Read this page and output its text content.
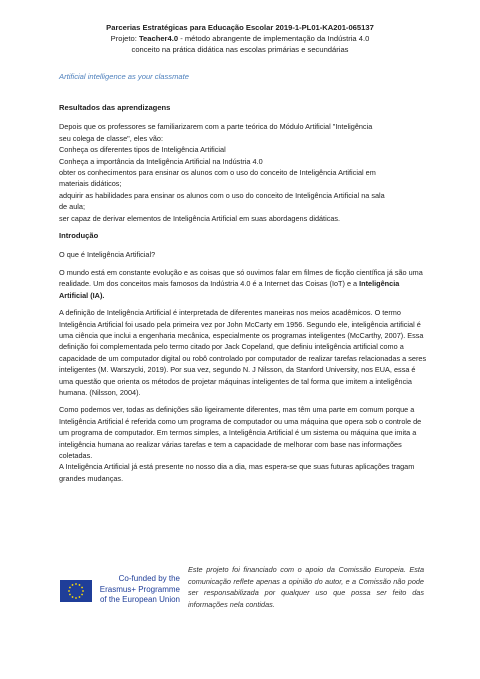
Parcerias Estratégicas para Educação Escolar 2019-1-PL01-KA201-065137
Projeto: Teacher4.0 - método abrangente de implementação da Indústria 4.0
conceito na prática didática nas escolas primárias e secundárias
Artificial intelligence as your classmate
Resultados das aprendizagens
Depois que os professores se familiarizarem com a parte teórica do Módulo Artificial "Inteligência
seu colega de classe", eles vão:
Conheça os diferentes tipos de Inteligência Artificial
Conheça a importância da Inteligência Artificial na Indústria 4.0
obter os conhecimentos para ensinar os alunos com o uso do conceito de Inteligência Artificial em
materiais didáticos;
adquirir as habilidades para ensinar os alunos com o uso do conceito de Inteligência Artificial na sala
de aula;
ser capaz de derivar elementos de Inteligência Artificial em suas abordagens didáticas.
Introdução

O que é Inteligência Artificial?

O mundo está em constante evolução e as coisas que só ouvimos falar em filmes de ficção científica já são uma realidade. Um dos conceitos mais famosos da Indústria 4.0 é a Internet das Coisas (IoT) e a Inteligência Artificial (IA).

A definição de Inteligência Artificial é interpretada de diferentes maneiras nos meios acadêmicos. O termo Inteligência Artificial foi usado pela primeira vez por John McCarty em 1956. Segundo ele, inteligência artificial é uma ciência que inclui a engenharia mecânica, especialmente os programas inteligentes (McCarthy, 2007). Essa definição foi complementada pelo termo citado por Jack Copeland, que definiu inteligência artificial como a capacidade de um computador digital ou robô controlado por computador de realizar tarefas relacionadas a seres inteligentes (M. Warszycki, 2019). Por sua vez, segundo N. J Nilsson, da Stanford University, nos EUA, essa é uma questão que orienta os métodos de projetar máquinas inteligentes de tal forma que imitem a inteligência humana. (Nilsson, 2004).

Como podemos ver, todas as definições são ligeiramente diferentes, mas têm uma parte em comum porque a Inteligência Artificial é referida como um programa de computador ou uma máquina que opera sob o controle de um programa de computador. Em termos simples, a Inteligência Artificial é um sistema ou máquina que imita a inteligência humana ao realizar várias tarefas e tem a capacidade de melhorar com base nas informações coletadas.

A Inteligência Artificial já está presente no nosso dia a dia, mas espera-se que suas futuras aplicações tragam grandes mudanças.

Co-funded by the
Erasmus+ Programme
of the European Union
Este projeto foi financiado com o apoio da Comissão Europeia. Esta comunicação reflete apenas a opinião do autor, e a Comissão não pode ser responsabilizada por qualquer uso que possa ser feito das informações nela contidas.
